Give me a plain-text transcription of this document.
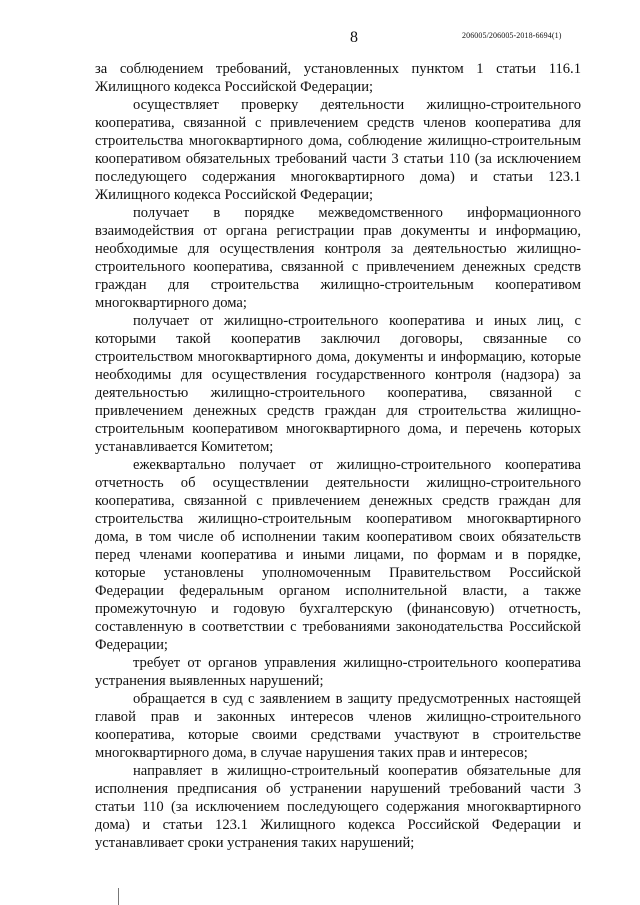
8	206005/206005-2018-6694(1)

за соблюдением требований, установленных пунктом 1 статьи 116.1 Жилищного кодекса Российской Федерации;

осуществляет проверку деятельности жилищно-строительного кооператива, связанной с привлечением средств членов кооператива для строительства многоквартирного дома, соблюдение жилищно-строительным кооперативом обязательных требований части 3 статьи 110 (за исключением последующего содержания многоквартирного дома) и статьи 123.1 Жилищного кодекса Российской Федерации;

получает в порядке межведомственного информационного взаимодействия от органа регистрации прав документы и информацию, необходимые для осуществления контроля за деятельностью жилищно-строительного кооператива, связанной с привлечением денежных средств граждан для строительства жилищно-строительным кооперативом многоквартирного дома;

получает от жилищно-строительного кооператива и иных лиц, с которыми такой кооператив заключил договоры, связанные со строительством многоквартирного дома, документы и информацию, которые необходимы для осуществления государственного контроля (надзора) за деятельностью жилищно-строительного кооператива, связанной с привлечением денежных средств граждан для строительства жилищно-строительным кооперативом многоквартирного дома, и перечень которых устанавливается Комитетом;

ежеквартально получает от жилищно-строительного кооператива отчетность об осуществлении деятельности жилищно-строительного кооператива, связанной с привлечением денежных средств граждан для строительства жилищно-строительным кооперативом многоквартирного дома, в том числе об исполнении таким кооперативом своих обязательств перед членами кооператива и иными лицами, по формам и в порядке, которые установлены уполномоченным Правительством Российской Федерации федеральным органом исполнительной власти, а также промежуточную и годовую бухгалтерскую (финансовую) отчетность, составленную в соответствии с требованиями законодательства Российской Федерации;

требует от органов управления жилищно-строительного кооператива устранения выявленных нарушений;

обращается в суд с заявлением в защиту предусмотренных настоящей главой прав и законных интересов членов жилищно-строительного кооператива, которые своими средствами участвуют в строительстве многоквартирного дома, в случае нарушения таких прав и интересов;

направляет в жилищно-строительный кооператив обязательные для исполнения предписания об устранении нарушений требований части 3 статьи 110 (за исключением последующего содержания многоквартирного дома) и статьи 123.1 Жилищного кодекса Российской Федерации и устанавливает сроки устранения таких нарушений;
